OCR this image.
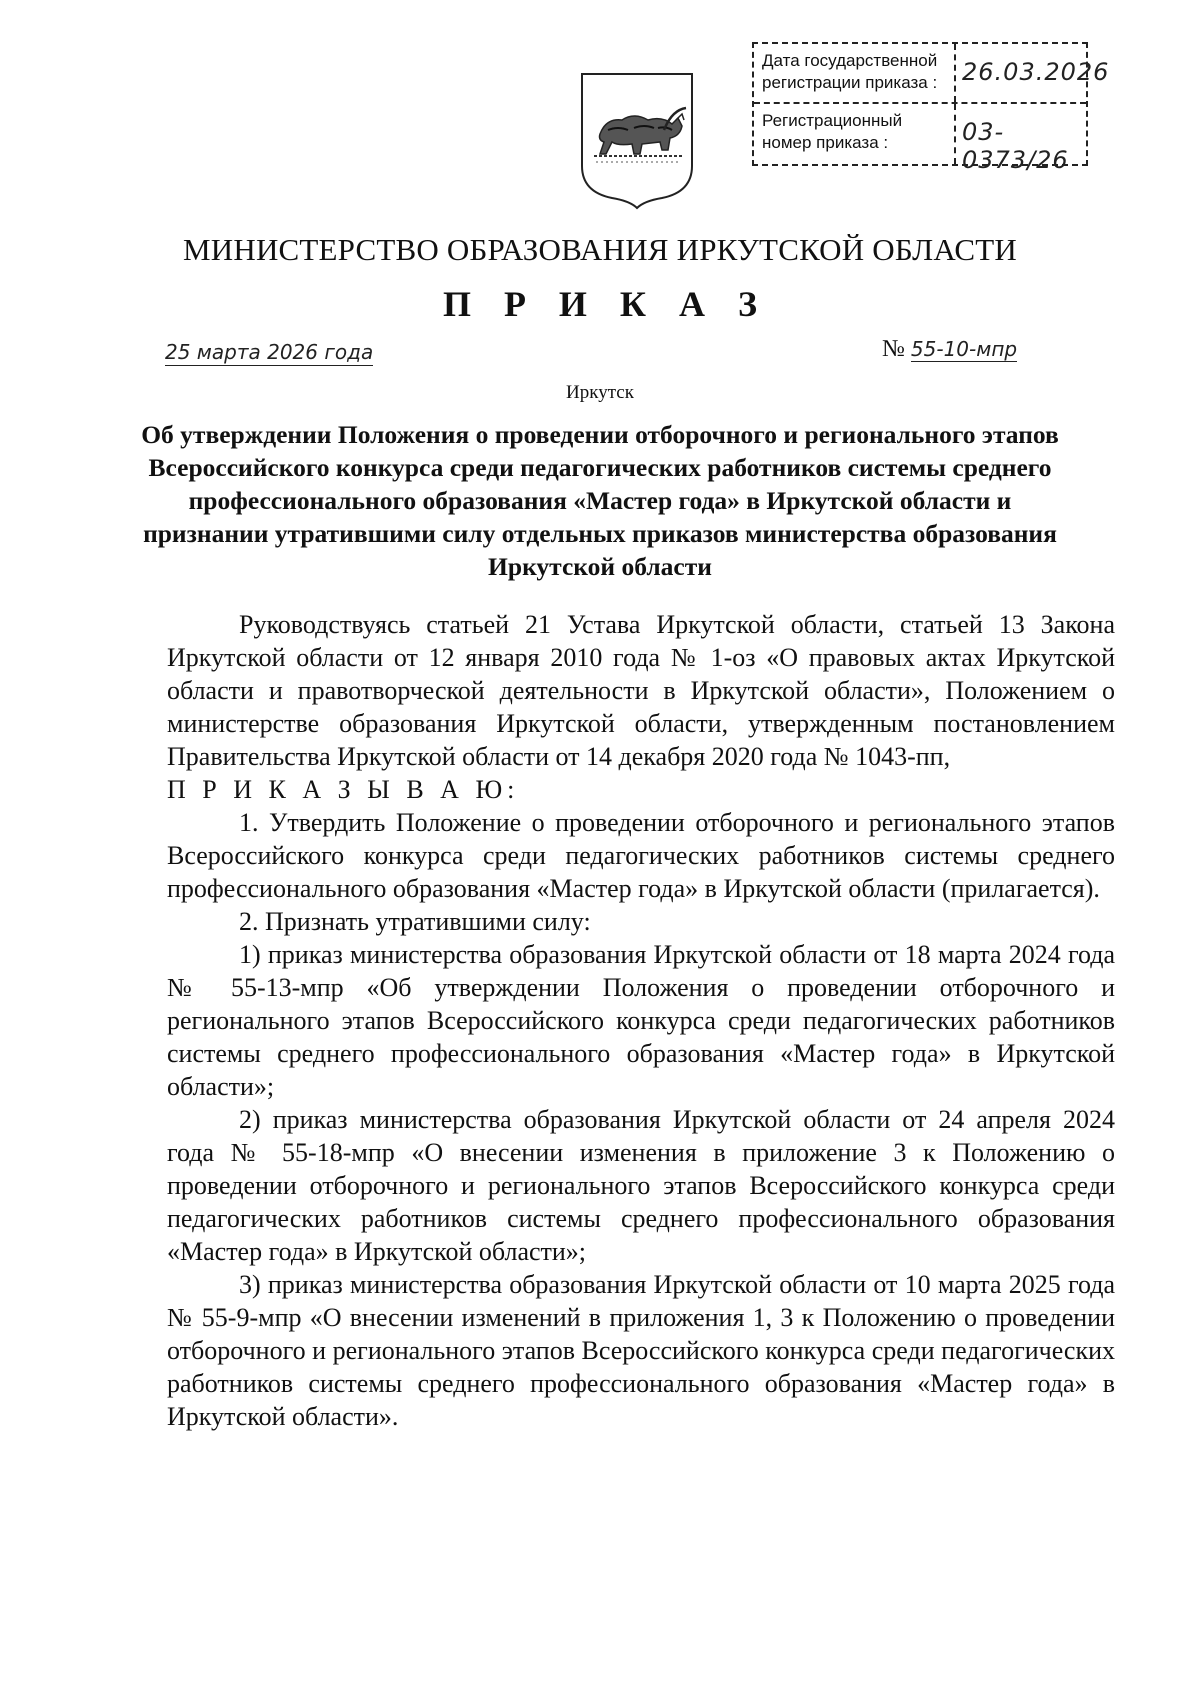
Дата государственной регистрации приказа :	26.03.2026
Регистрационный номер приказа :	03-0373/26
МИНИСТЕРСТВО ОБРАЗОВАНИЯ ИРКУТСКОЙ ОБЛАСТИ
П Р И К А З
25 марта 2026 года	№ 55-10-мпр
Иркутск
Об утверждении Положения о проведении отборочного и регионального этапов Всероссийского конкурса среди педагогических работников системы среднего профессионального образования «Мастер года» в Иркутской области и признании утратившими силу отдельных приказов министерства образования Иркутской области

Руководствуясь статьей 21 Устава Иркутской области, статьей 13 Закона Иркутской области от 12 января 2010 года № 1-оз «О правовых актах Иркутской области и правотворческой деятельности в Иркутской области», Положением о министерстве образования Иркутской области, утвержденным постановлением Правительства Иркутской области от 14 декабря 2020 года № 1043-пп,

П Р И К А З Ы В А Ю:

1. Утвердить Положение о проведении отборочного и регионального этапов Всероссийского конкурса среди педагогических работников системы среднего профессионального образования «Мастер года» в Иркутской области (прилагается).

2. Признать утратившими силу:

1) приказ министерства образования Иркутской области от 18 марта 2024 года № 55-13-мпр «Об утверждении Положения о проведении отборочного и регионального этапов Всероссийского конкурса среди педагогических работников системы среднего профессионального образования «Мастер года» в Иркутской области»;

2) приказ министерства образования Иркутской области от 24 апреля 2024 года № 55-18-мпр «О внесении изменения в приложение 3 к Положению о проведении отборочного и регионального этапов Всероссийского конкурса среди педагогических работников системы среднего профессионального образования «Мастер года» в Иркутской области»;

3) приказ министерства образования Иркутской области от 10 марта 2025 года № 55-9-мпр «О внесении изменений в приложения 1, 3 к Положению о проведении отборочного и регионального этапов Всероссийского конкурса среди педагогических работников системы среднего профессионального образования «Мастер года» в Иркутской области».
